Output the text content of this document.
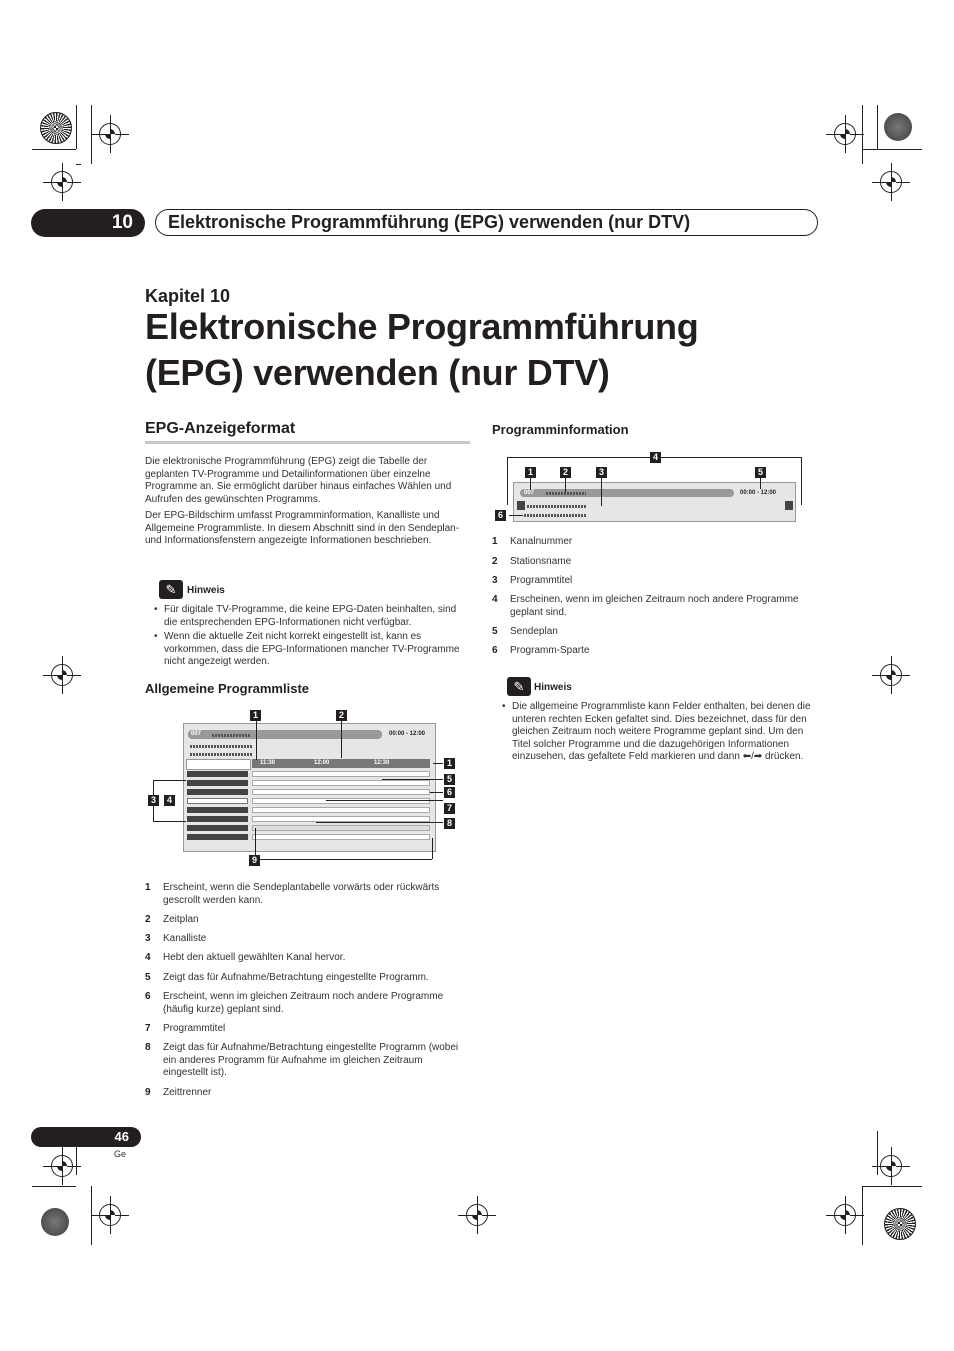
10	Elektronische Programmführung (EPG) verwenden (nur DTV)
Kapitel 10
Elektronische Programmführung
(EPG) verwenden (nur DTV)
EPG-Anzeigeformat
Die elektronische Programmführung (EPG) zeigt die Tabelle der geplanten TV-Programme und Detailinformationen über einzelne Programme an. Sie ermöglicht darüber hinaus einfaches Wählen und Aufrufen des gewünschten Programms.
Der EPG-Bildschirm umfasst Programminformation, Kanalliste und Allgemeine Programmliste. In diesem Abschnitt sind in den Sendeplan- und Informationsfenstern angezeigte Informationen beschrieben.
✎	Hinweis
• Für digitale TV-Programme, die keine EPG-Daten beinhalten, sind die entsprechenden EPG-Informationen nicht verfügbar.
• Wenn die aktuelle Zeit nicht korrekt eingestellt ist, kann es vorkommen, dass die EPG-Informationen mancher TV-Programme nicht angezeigt werden.
Allgemeine Programmliste
007	00:00 - 12:00
11:30	12:00	12:30
1	2
1
5
6
7
8
3	4
9
1 Erscheint, wenn die Sendeplantabelle vorwärts oder rückwärts gescrollt werden kann.
2 Zeitplan
3 Kanalliste
4 Hebt den aktuell gewählten Kanal hervor.
5 Zeigt das für Aufnahme/Betrachtung eingestellte Programm.
6 Erscheint, wenn im gleichen Zeitraum noch andere Programme (häufig kurze) geplant sind.
7 Programmtitel
8 Zeigt das für Aufnahme/Betrachtung eingestellte Programm (wobei ein anderes Programm für Aufnahme im gleichen Zeitraum eingestellt ist).
9 Zeittrenner
Programminformation
007	00:00 - 12:00
1	2	3
4
5
6
1 Kanalnummer
2 Stationsname
3 Programmtitel
4 Erscheinen, wenn im gleichen Zeitraum noch andere Programme geplant sind.
5 Sendeplan
6 Programm-Sparte
✎ Hinweis
• Die allgemeine Programmliste kann Felder enthalten, bei denen die unteren rechten Ecken gefaltet sind. Dies bezeichnet, dass für den gleichen Zeitraum noch weitere Programme geplant sind. Um den Titel solcher Programme und die dazugehörigen Informationen einzusehen, das gefaltete Feld markieren und dann ⬅/➡ drücken.
46
Ge
